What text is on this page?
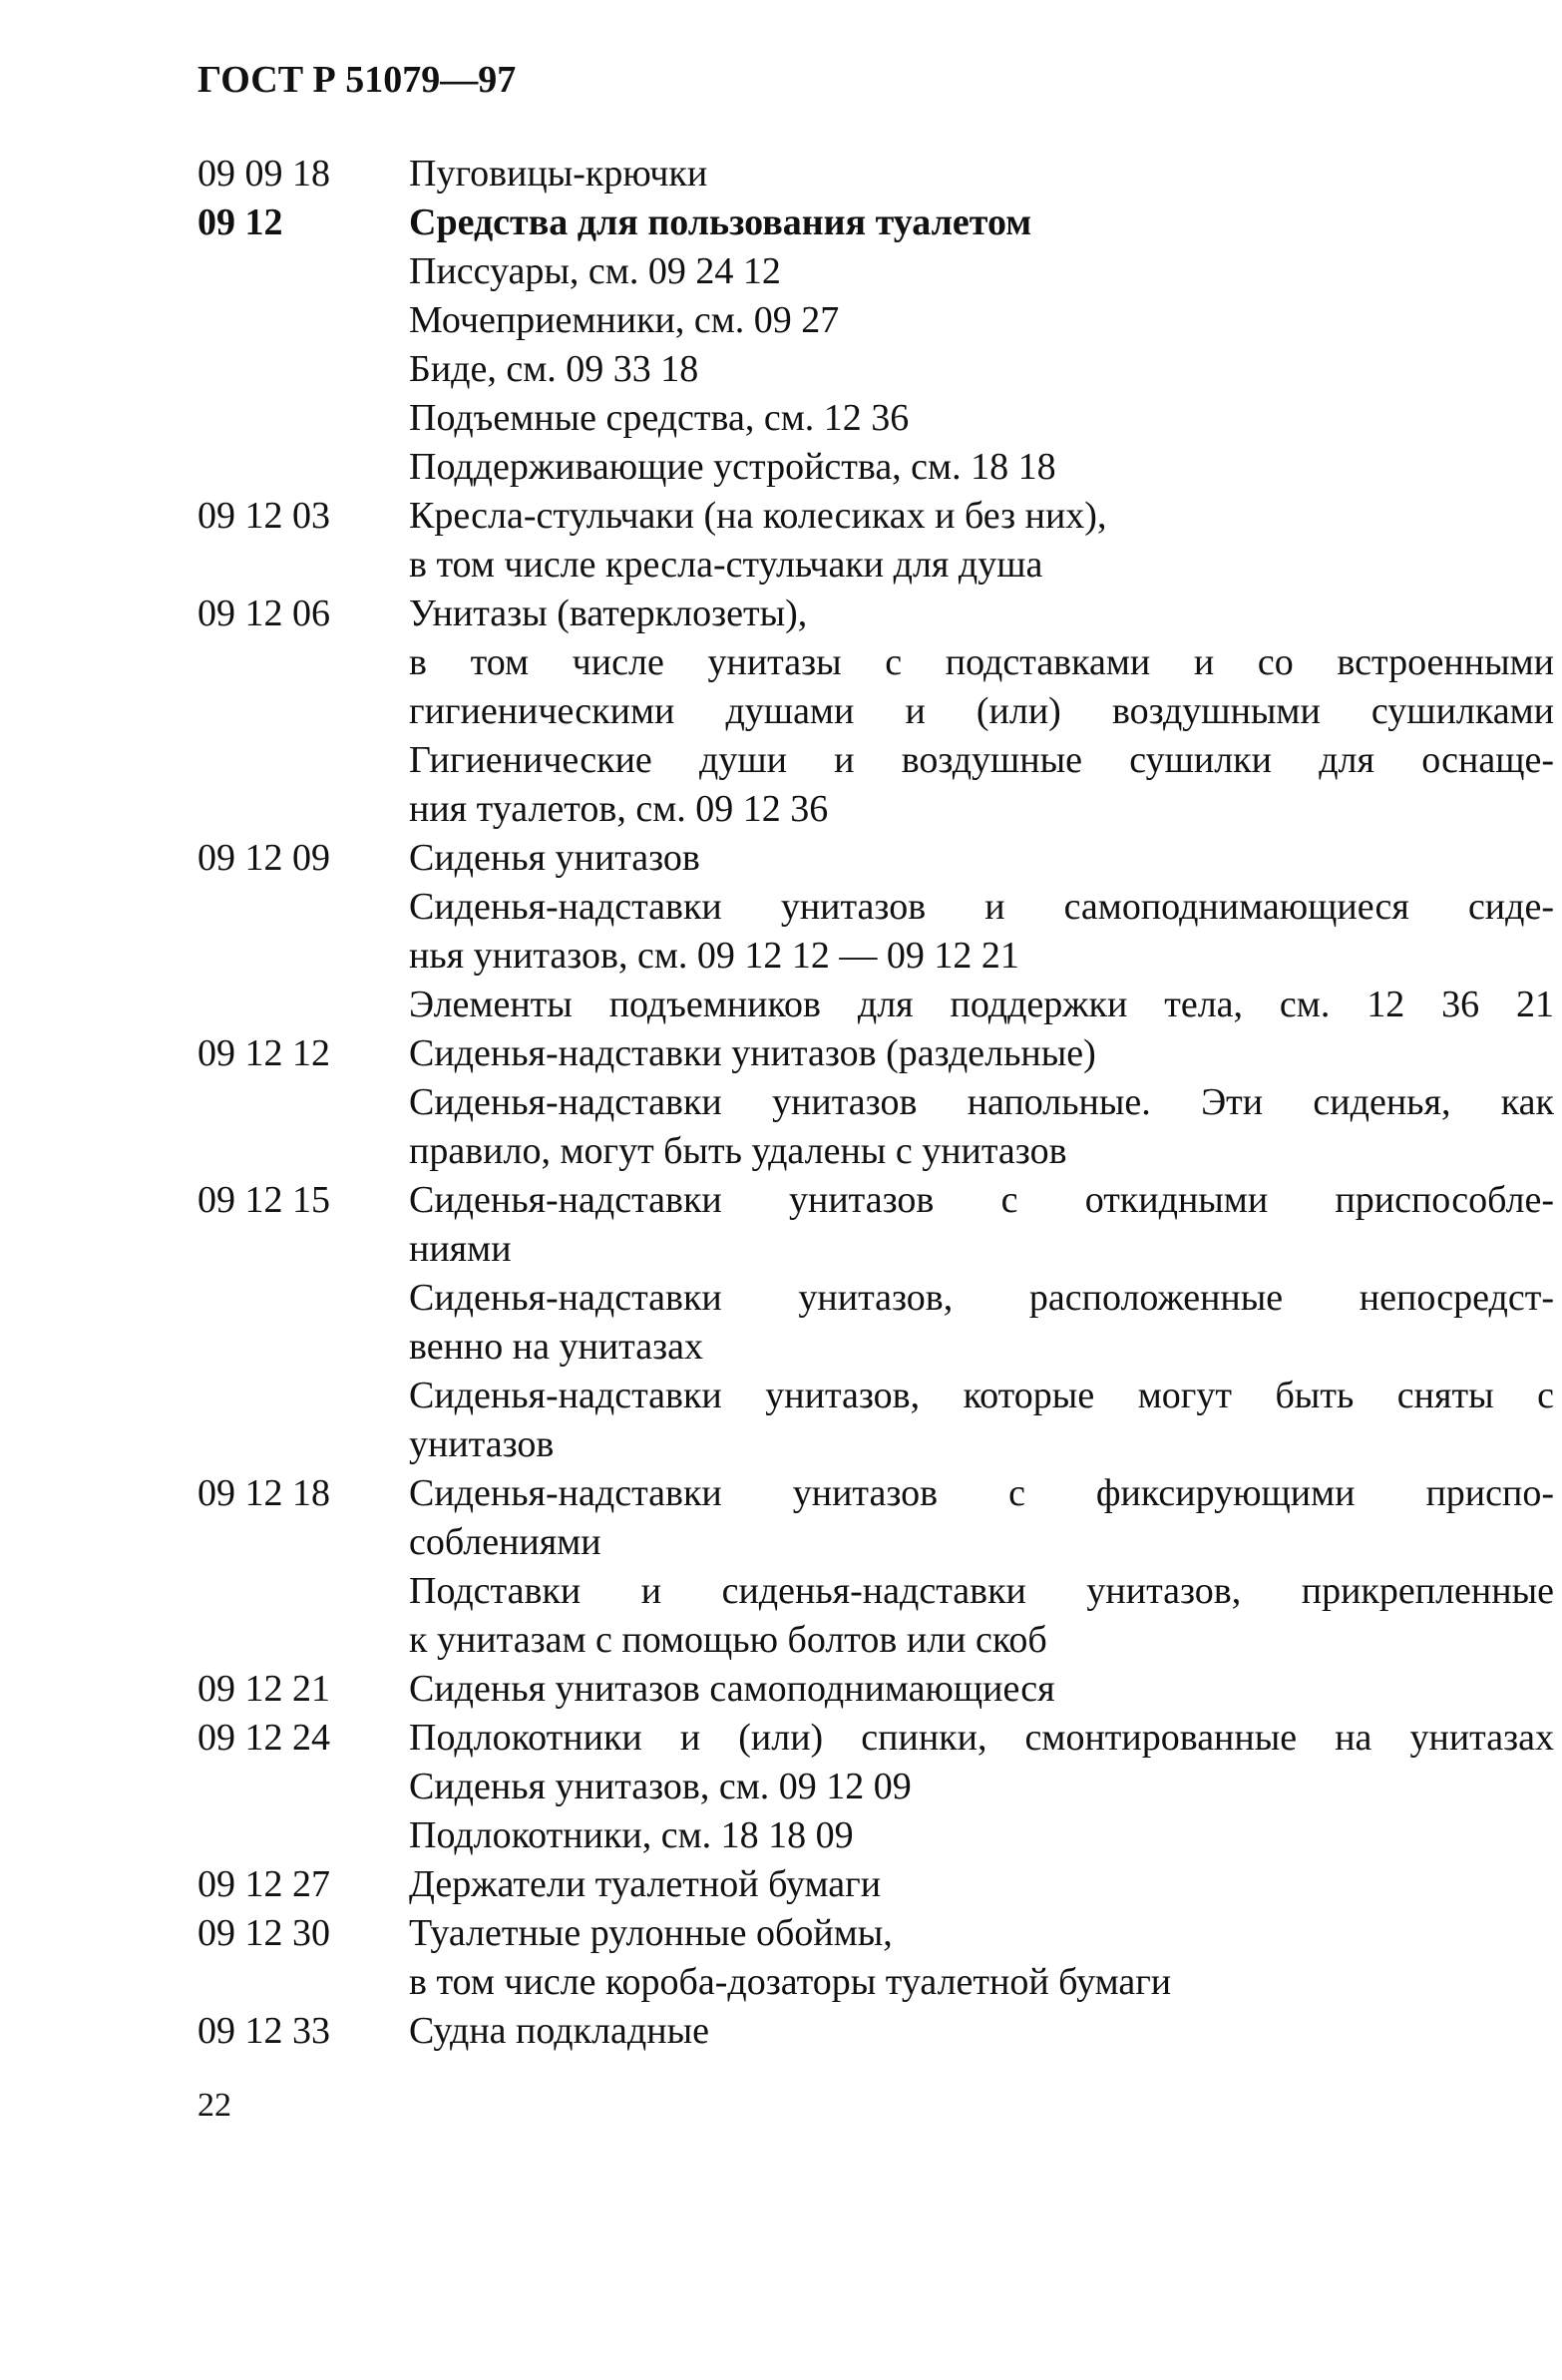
ГОСТ Р 51079—97
09 09 18 Пуговицы-крючки
09 12	Средства для пользования туалетом
Писсуары, см. 09 24 12
Мочеприемники, см. 09 27
Биде, см. 09 33 18
Подъемные средства, см. 12 36
Поддерживающие устройства, см. 18 18
09 12 03 Кресла-стульчаки (на колесиках и без них),
в том числе кресла-стульчаки для душа
09 12 06 Унитазы (ватерклозеты),
в том числе унитазы с подставками и со встроенными
гигиеническими душами и (или) воздушными сушилками
Гигиенические души и воздушные сушилки для оснаще-
ния туалетов, см. 09 12 36
09 12 09 Сиденья унитазов
Сиденья-надставки унитазов и самоподнимающиеся сиде-
нья унитазов, см. 09 12 12 — 09 12 21
Элементы подъемников для поддержки тела, см. 12 36 21
09 12 12 Сиденья-надставки унитазов (раздельные)
Сиденья-надставки унитазов напольные. Эти сиденья, как
правило, могут быть удалены с унитазов
09 12 15 Сиденья-надставки унитазов с откидными приспособле-
ниями
Сиденья-надставки унитазов, расположенные непосредст-
венно на унитазах
Сиденья-надставки унитазов, которые могут быть сняты с
унитазов
09 12 18 Сиденья-надставки унитазов с фиксирующими приспо-
соблениями
Подставки и сиденья-надставки унитазов, прикрепленные
к унитазам с помощью болтов или скоб
09 12 21 Сиденья унитазов самоподнимающиеся
09 12 24 Подлокотники и (или) спинки, смонтированные на унитазах
Сиденья унитазов, см. 09 12 09
Подлокотники, см. 18 18 09
09 12 27 Держатели туалетной бумаги
09 12 30 Туалетные рулонные обоймы,
в том числе короба-дозаторы туалетной бумаги
09 12 33 Судна подкладные
22
